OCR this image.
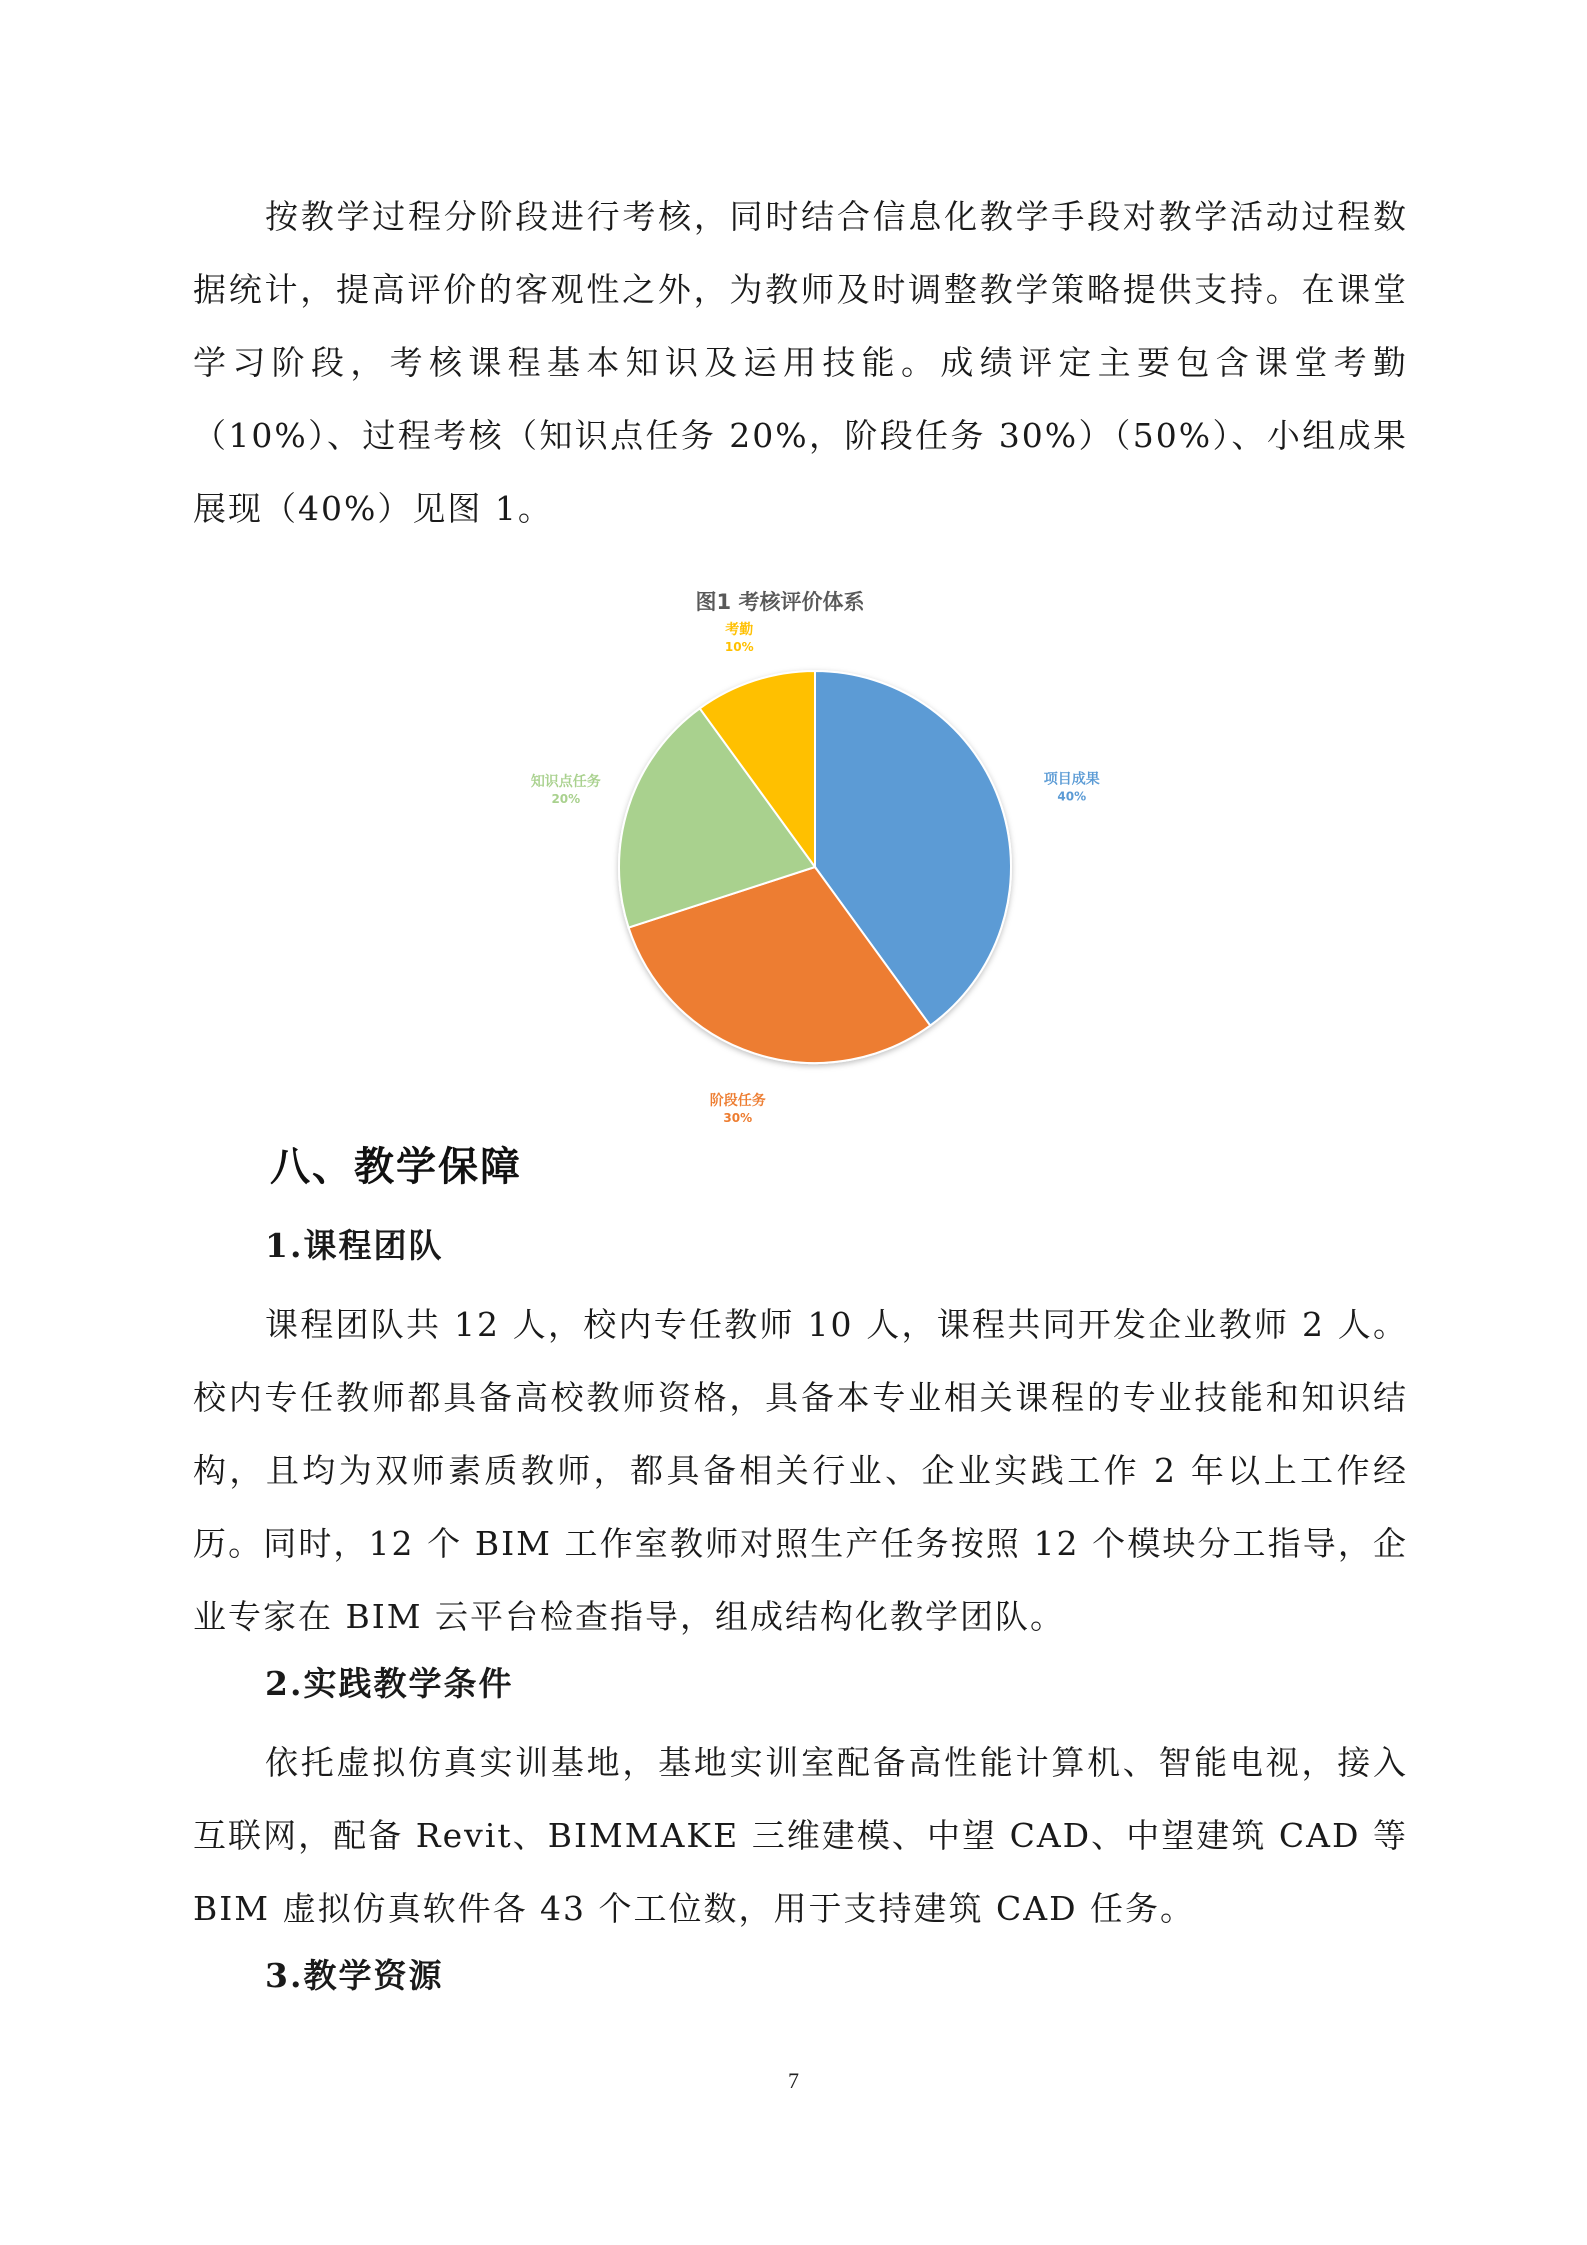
按教学过程分阶段进行考核，同时结合信息化教学手段对教学活动过程数据统计，提高评价的客观性之外，为教师及时调整教学策略提供支持。在课堂学习阶段，考核课程基本知识及运用技能。成绩评定主要包含课堂考勤（10%）、过程考核（知识点任务 20%，阶段任务 30%）（50%）、小组成果展现（40%）见图 1。

图1 考核评价体系
项目成果
40%
阶段任务
30%
知识点任务
20%
考勤
10%
八、教学保障
1.课程团队

课程团队共 12 人，校内专任教师 10 人，课程共同开发企业教师 2 人。校内专任教师都具备高校教师资格，具备本专业相关课程的专业技能和知识结构，且均为双师素质教师，都具备相关行业、企业实践工作 2 年以上工作经历。同时，12 个 BIM 工作室教师对照生产任务按照 12 个模块分工指导，企业专家在 BIM 云平台检查指导，组成结构化教学团队。

2.实践教学条件

依托虚拟仿真实训基地，基地实训室配备高性能计算机、智能电视，接入互联网，配备 Revit、BIMMAKE 三维建模、中望 CAD、中望建筑 CAD 等 BIM 虚拟仿真软件各 43 个工位数，用于支持建筑 CAD 任务。

3.教学资源
7
